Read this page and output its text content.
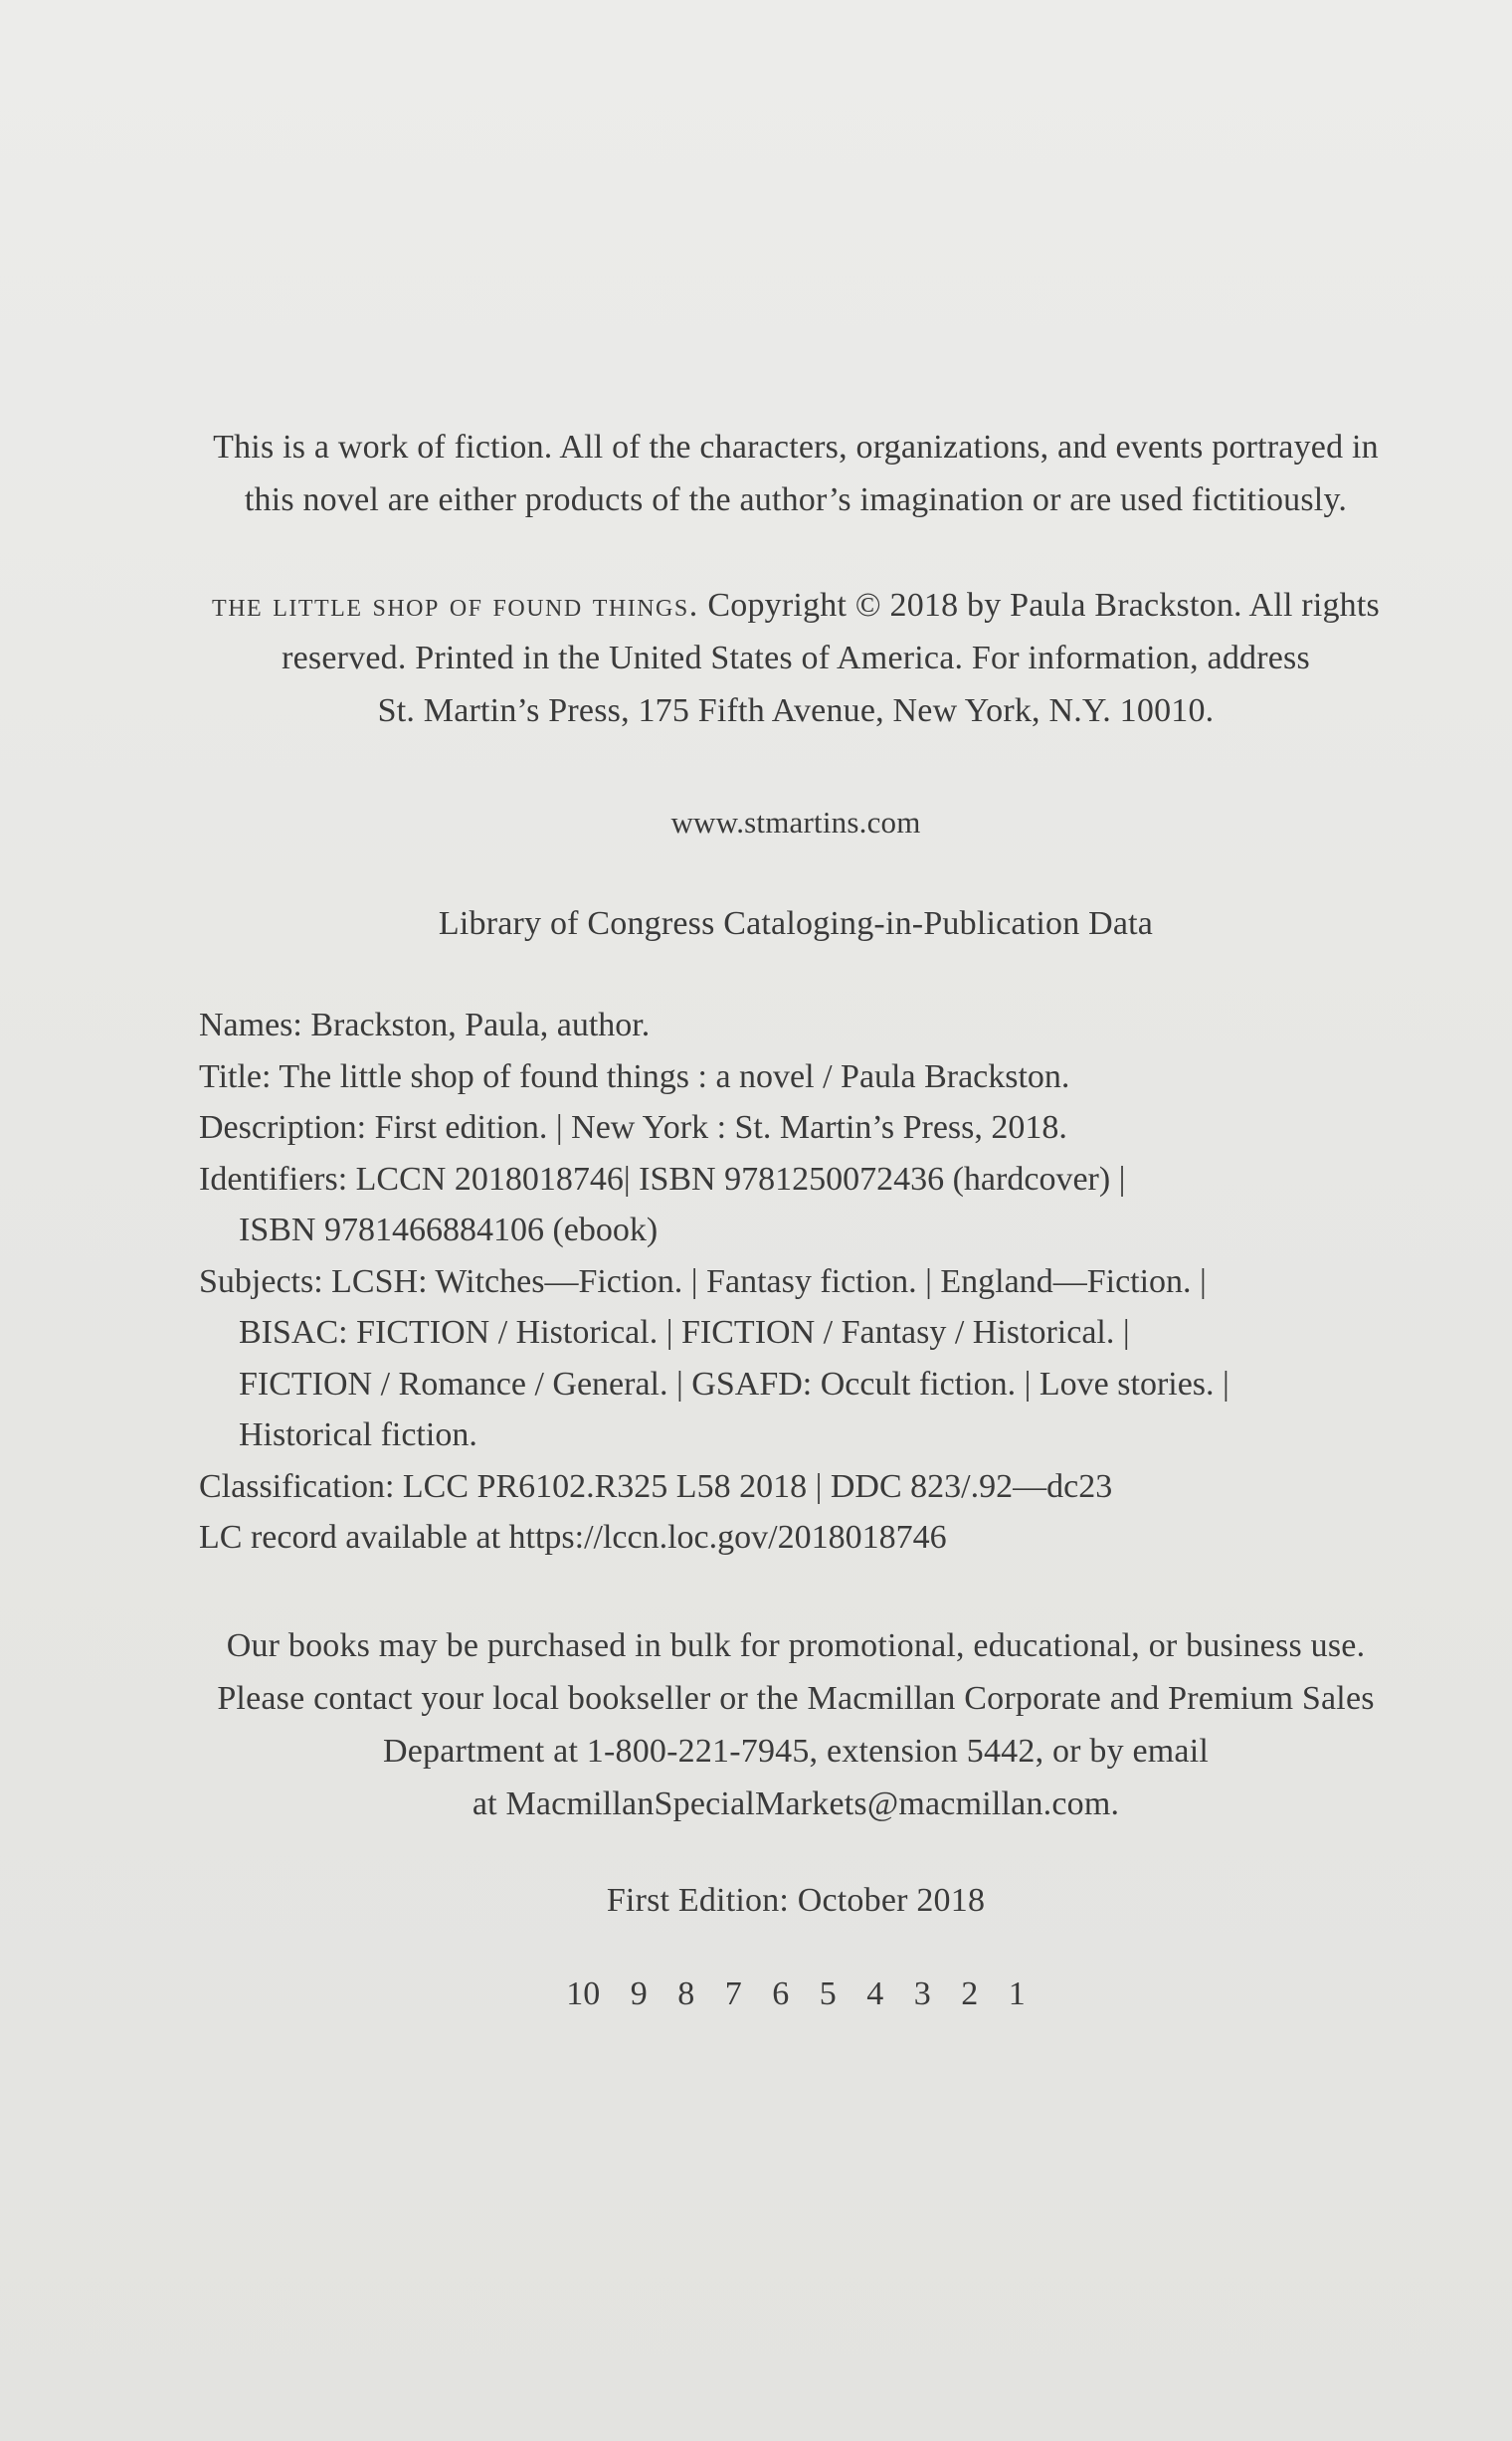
This is a work of fiction. All of the characters, organizations, and events portrayed in
this novel are either products of the author’s imagination or are used fictitiously.
the little shop of found things. Copyright © 2018 by Paula Brackston. All rights
reserved. Printed in the United States of America. For information, address
St. Martin’s Press, 175 Fifth Avenue, New York, N.Y. 10010.
www.stmartins.com
Library of Congress Cataloging-in-Publication Data
Names: Brackston, Paula, author.
Title: The little shop of found things : a novel / Paula Brackston.
Description: First edition. | New York : St. Martin’s Press, 2018.
Identifiers: LCCN 2018018746| ISBN 9781250072436 (hardcover) |
ISBN 9781466884106 (ebook)
Subjects: LCSH: Witches—Fiction. | Fantasy fiction. | England—Fiction. |
BISAC: FICTION / Historical. | FICTION / Fantasy / Historical. |
FICTION / Romance / General. | GSAFD: Occult fiction. | Love stories. |
Historical fiction.
Classification: LCC PR6102.R325 L58 2018 | DDC 823/.92—dc23
LC record available at https://lccn.loc.gov/2018018746
Our books may be purchased in bulk for promotional, educational, or business use.
Please contact your local bookseller or the Macmillan Corporate and Premium Sales
Department at 1-800-221-7945, extension 5442, or by email
at MacmillanSpecialMarkets@macmillan.com.
First Edition: October 2018
10 9 8 7 6 5 4 3 2 1
